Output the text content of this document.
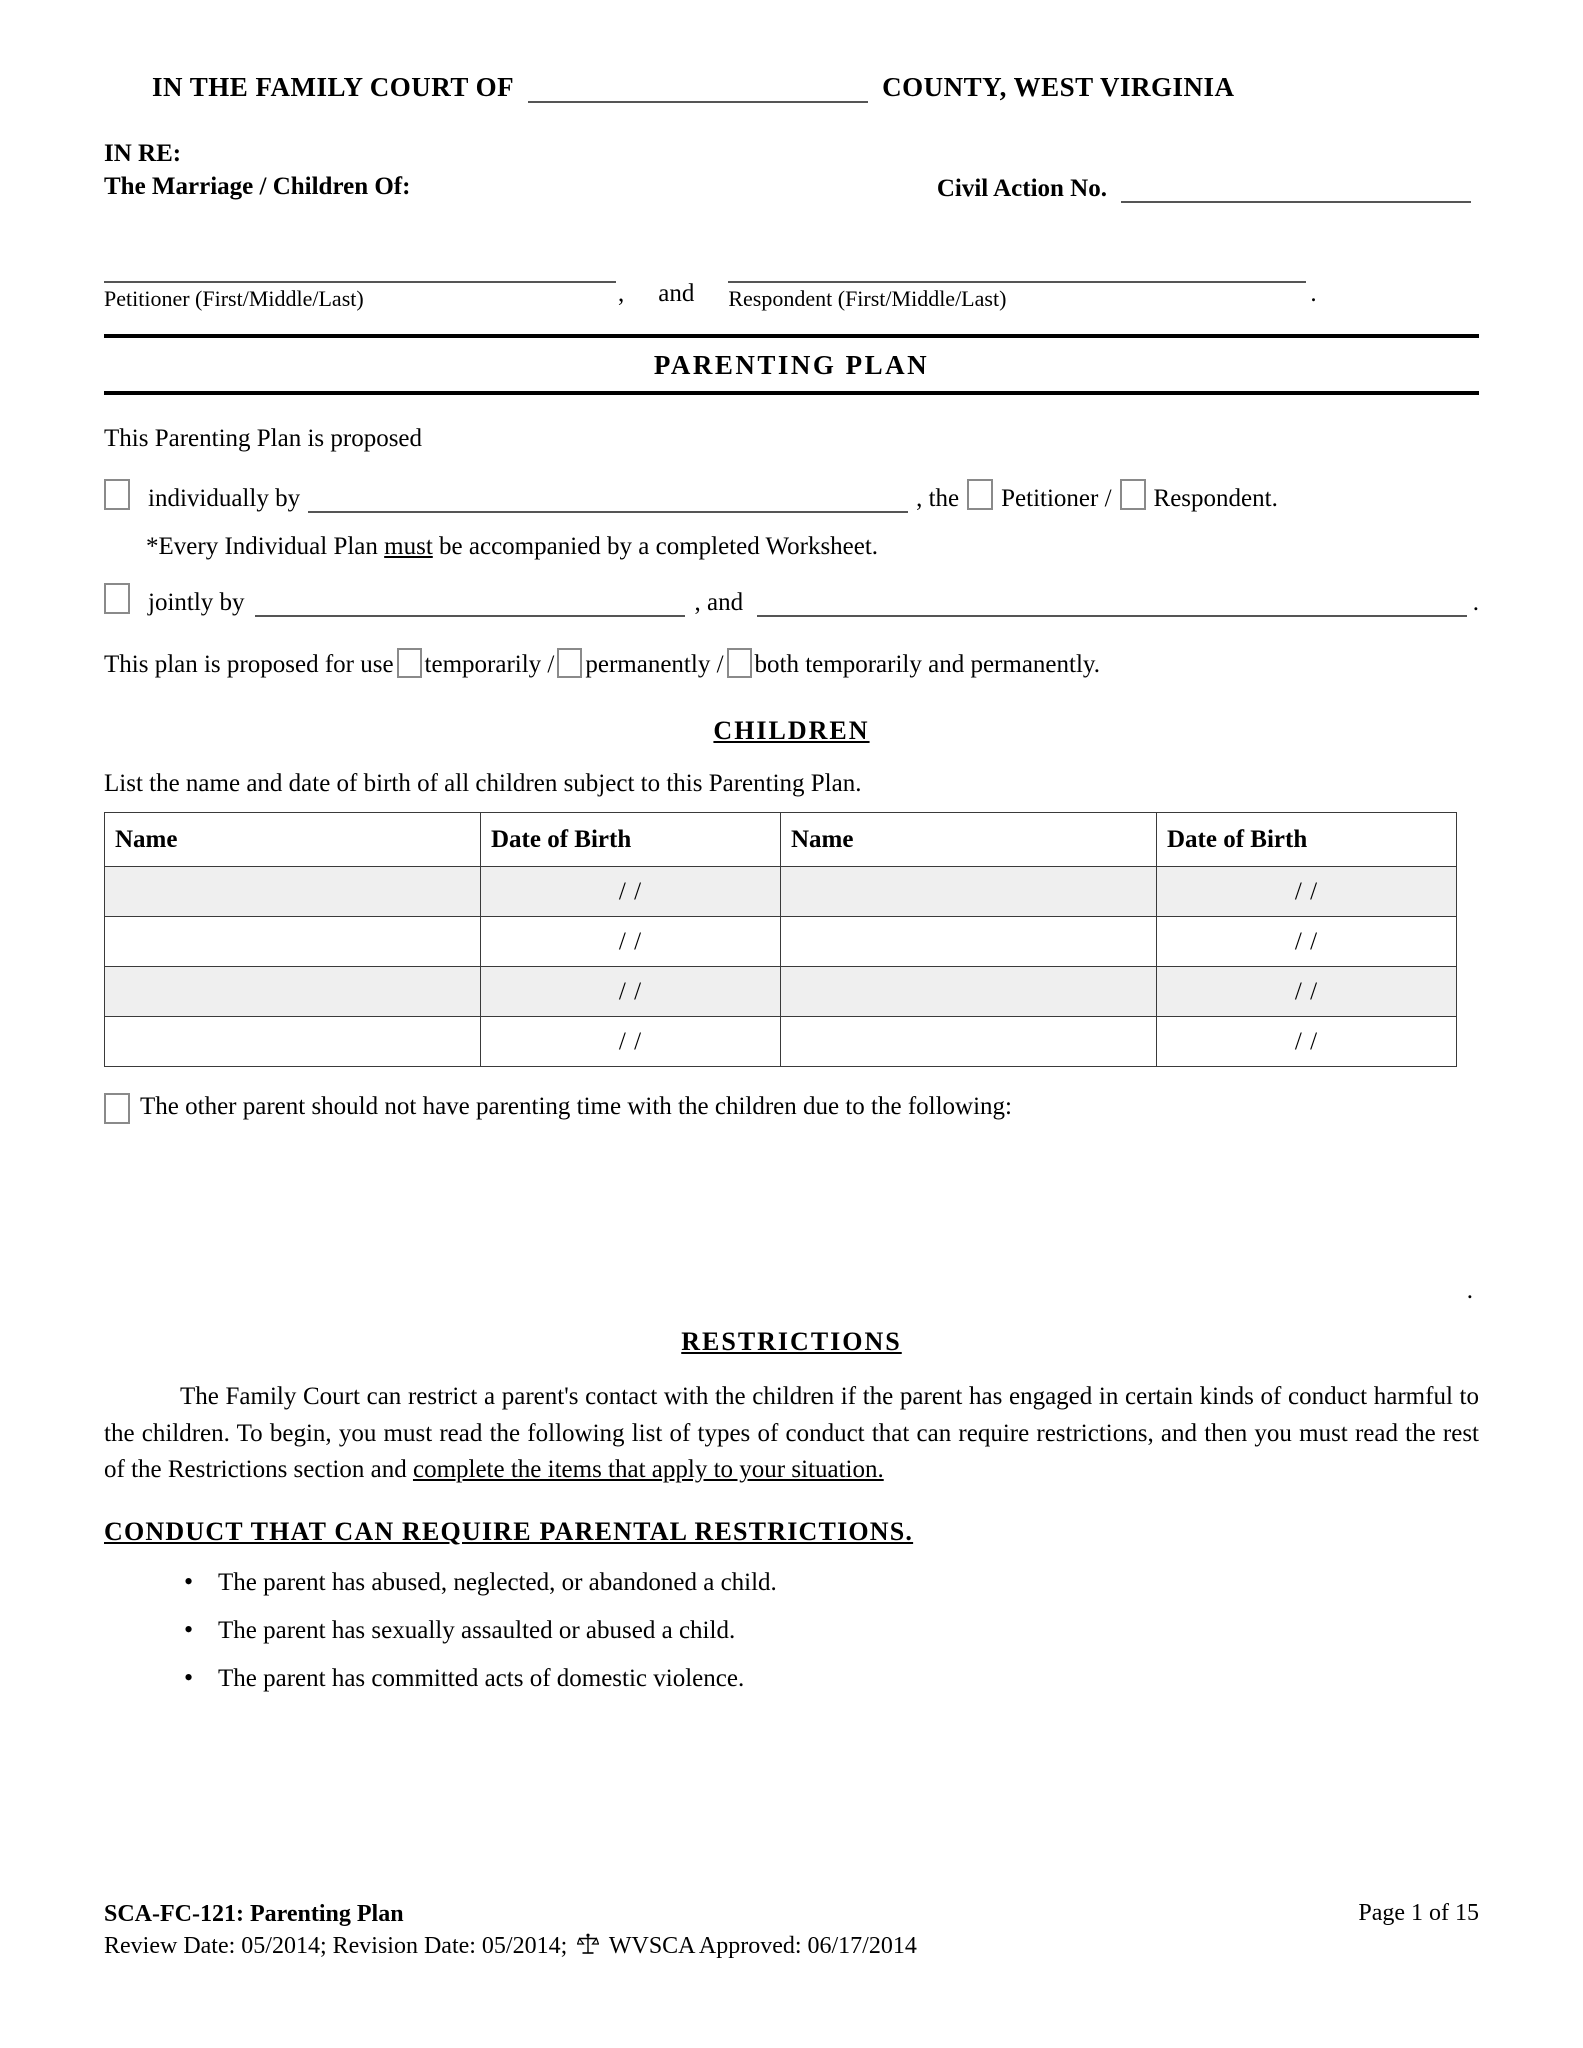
IN THE FAMILY COURT OF	COUNTY, WEST VIRGINIA
IN RE:
The Marriage / Children Of:	Civil Action No.
Petitioner (First/Middle/Last)	,	and	Respondent (First/Middle/Last)	.
PARENTING PLAN
This Parenting Plan is proposed
individually by	, the Petitioner / Respondent.
*Every Individual Plan must be accompanied by a completed Worksheet.
jointly by	, and	.
This plan is proposed for use temporarily / permanently / both temporarily and permanently.
CHILDREN
List the name and date of birth of all children subject to this Parenting Plan.
Name	Date of Birth	Name	Date of Birth
	/ /		/ /
	/ /		/ /
	/ /		/ /
	/ /		/ /
The other parent should not have parenting time with the children due to the following:
.
RESTRICTIONS
The Family Court can restrict a parent's contact with the children if the parent has engaged in certain kinds of conduct harmful to the children. To begin, you must read the following list of types of conduct that can require restrictions, and then you must read the rest of the Restrictions section and complete the items that apply to your situation.
CONDUCT THAT CAN REQUIRE PARENTAL RESTRICTIONS.
• The parent has abused, neglected, or abandoned a child.
• The parent has sexually assaulted or abused a child.
• The parent has committed acts of domestic violence.
SCA-FC-121: Parenting Plan
Review Date: 05/2014; Revision Date: 05/2014; WVSCA Approved: 06/17/2014
Page 1 of 15
